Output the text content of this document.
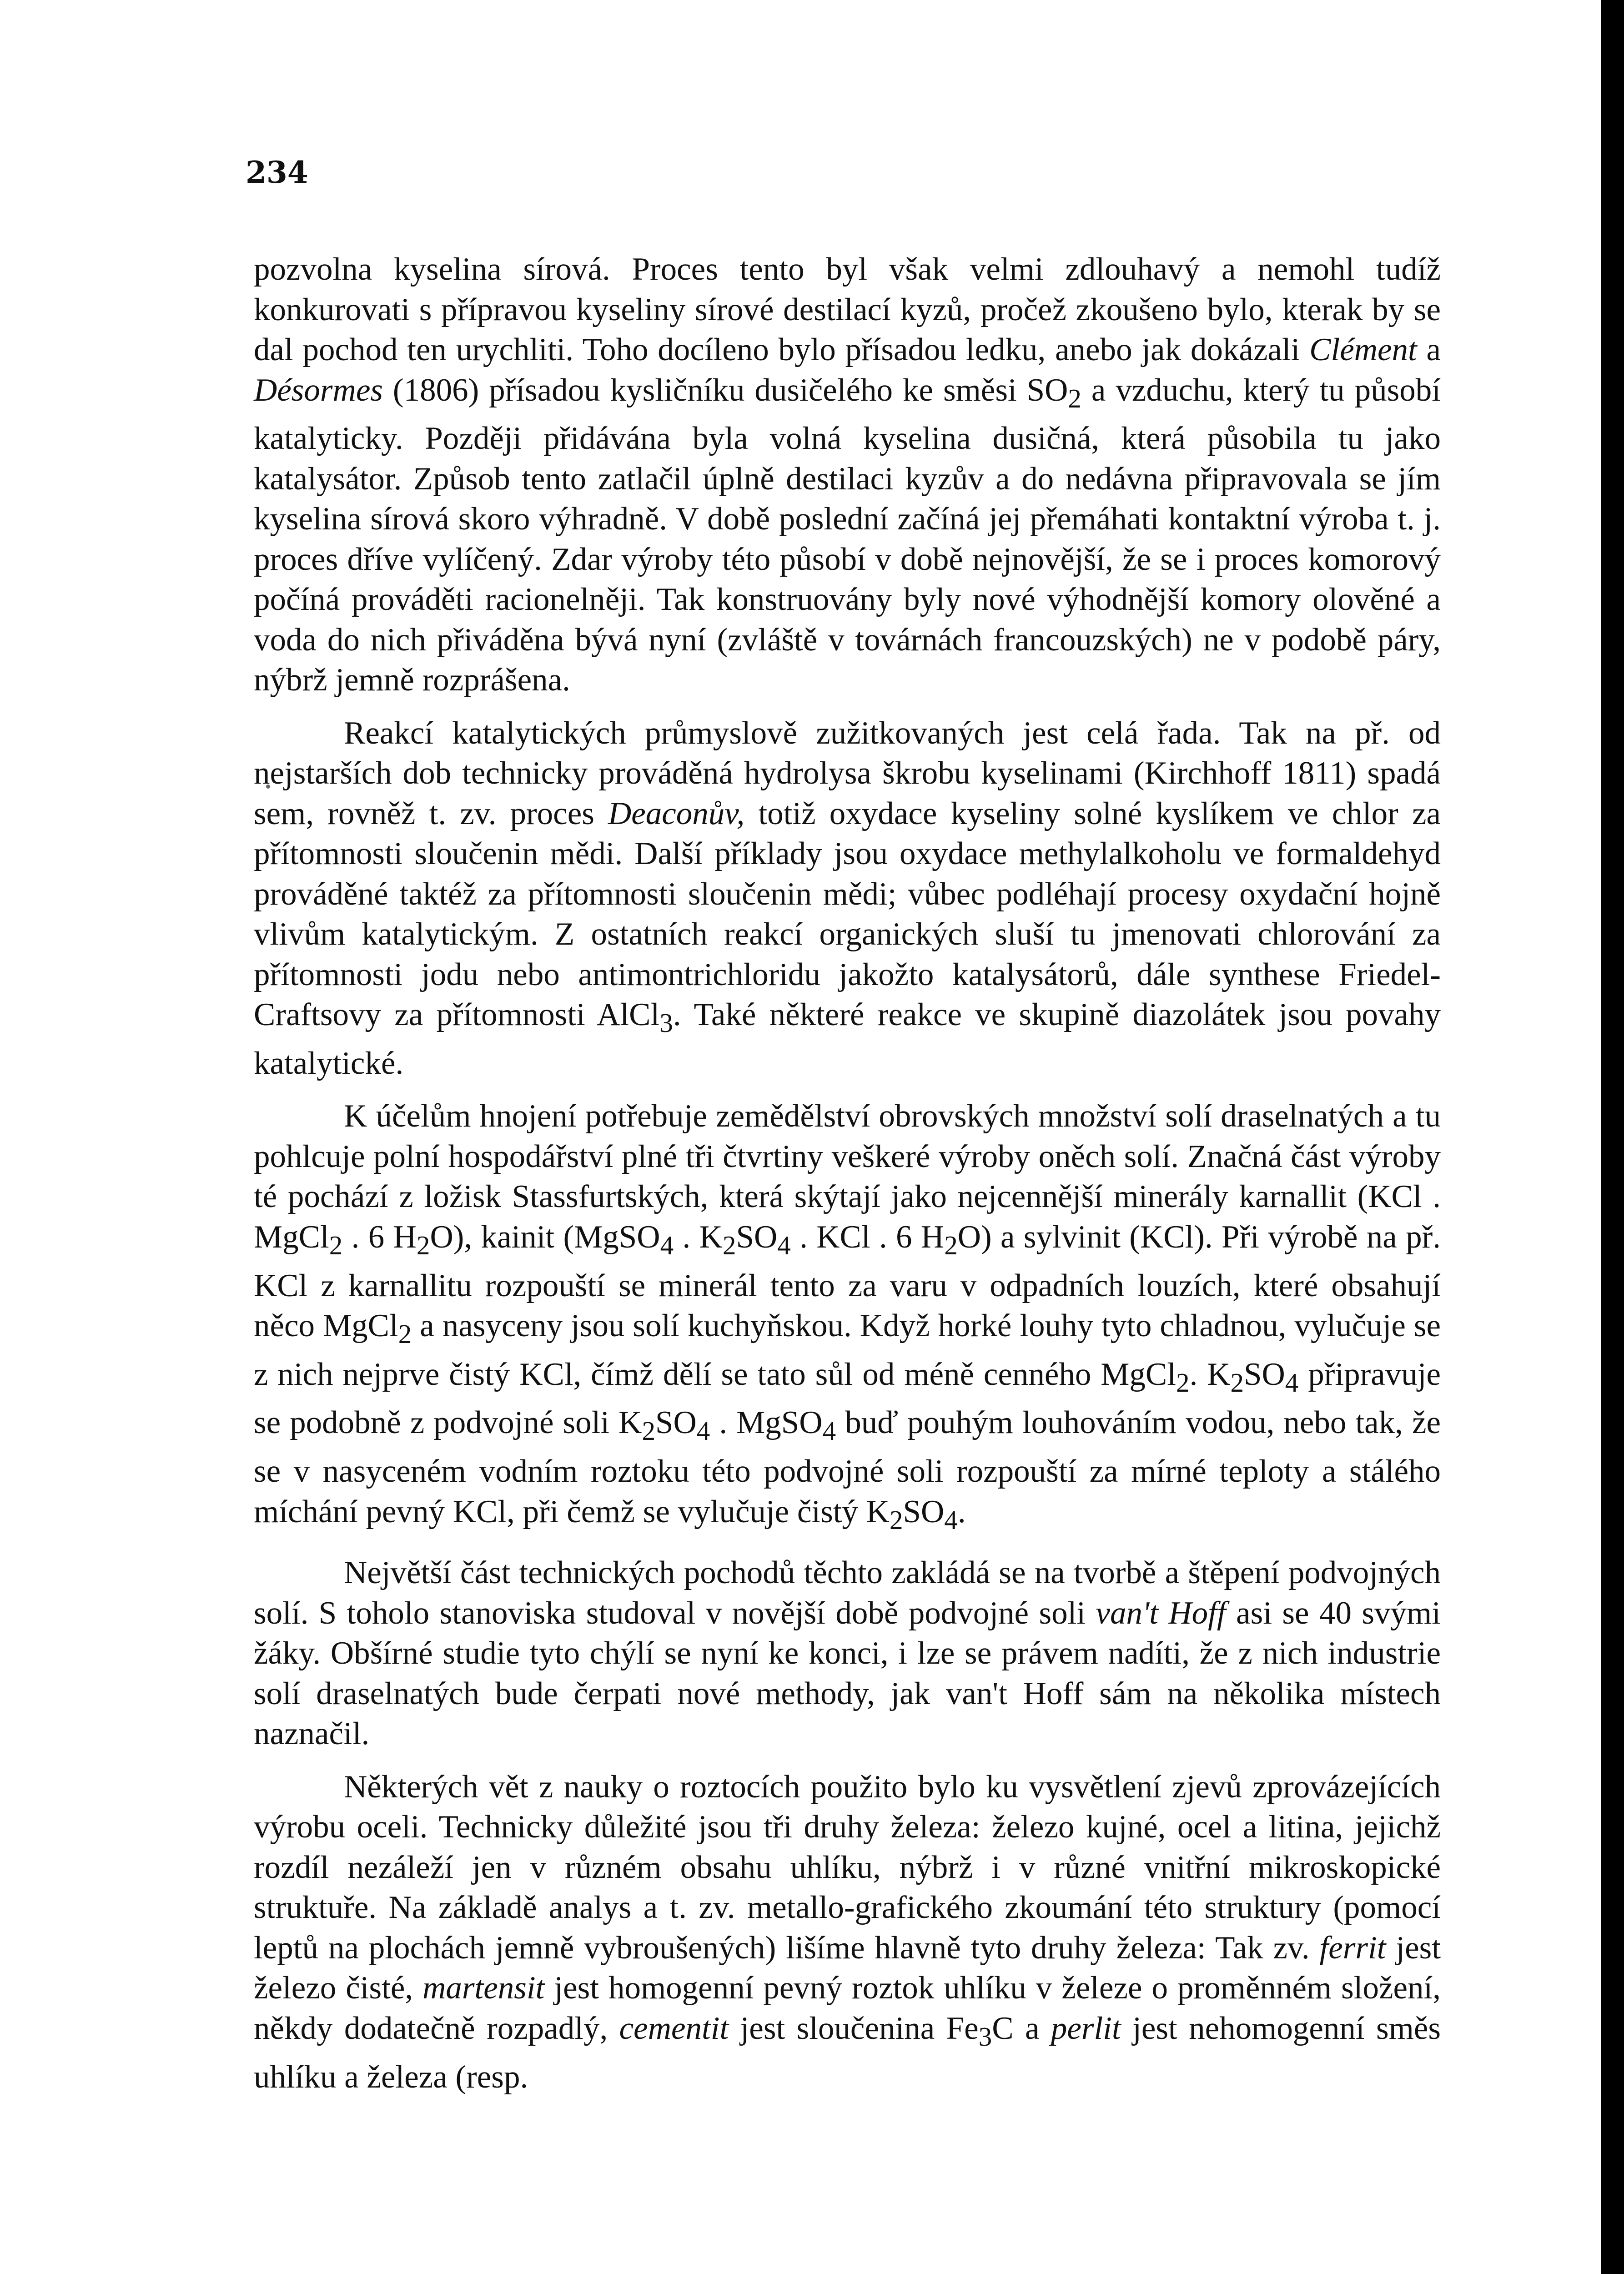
234

pozvolna kyselina sírová. Proces tento byl však velmi zdlouhavý a nemohl tudíž konkurovati s přípravou kyseliny sírové destilací kyzů, pročež zkoušeno bylo, kterak by se dal pochod ten urychliti. Toho docíleno bylo přísadou ledku, anebo jak dokázali Clément a Désormes (1806) přísadou kysličníku dusičelého ke směsi $SO_2$ a vzduchu, který tu působí katalyticky. Později přidávána byla volná kyselina dusičná, která působila tu jako katalysátor. Způsob tento zatlačil úplně destilaci kyzův a do nedávna připravovala se jím kyselina sírová skoro výhradně. V době poslední začíná jej přemáhati kontaktní výroba t. j. proces dříve vylíčený. Zdar výroby této působí v době nejnovější, že se i proces komorový počíná prováděti racionelněji. Tak konstruovány byly nové výhodnější komory olověné a voda do nich přiváděna bývá nyní (zvláště v továrnách francouzských) ne v podobě páry, nýbrž jemně rozprášena.

Reakcí katalytických průmyslově zužitkovaných jest celá řada. Tak na př. od nejstarších dob technicky prováděná hydrolysa škrobu kyselinami (Kirchhoff 1811) spadá sem, rovněž t. zv. proces Deaconův, totiž oxydace kyseliny solné kyslíkem ve chlor za přítomnosti sloučenin mědi. Další příklady jsou oxydace methylalkoholu ve formaldehyd prováděné taktéž za přítomnosti sloučenin mědi; vůbec podléhají procesy oxydační hojně vlivům katalytickým. Z ostatních reakcí organických sluší tu jmenovati chlorování za přítomnosti jodu nebo antimontrichloridu jakožto katalysátorů, dále synthese Friedel-Craftsovy za přítomnosti AlCl$_3$. Také některé reakce ve skupině diazolátek jsou povahy katalytické.

K účelům hnojení potřebuje zemědělství obrovských množství solí draselnatých a tu pohlcuje polní hospodářství plné tři čtvrtiny veškeré výroby oněch solí. Značná část výroby té pochází z ložisk Stassfurtských, která skýtají jako nejcennější minerály karnallit (KCl . MgCl$_2$ . 6 $H_2O$), kainit (MgSO$_4$ . $K_2SO_4$ . KCl . 6 $H_2O$) a sylvinit (KCl). Při výrobě na př. KCl z karnallitu rozpouští se minerál tento za varu v odpadních louzích, které obsahují něco MgCl$_2$ a nasyceny jsou solí kuchyňskou. Když horké louhy tyto chladnou, vylučuje se z nich nejprve čistý KCl, čímž dělí se tato sůl od méně cenného MgCl$_2$. $K_2SO_4$ připravuje se podobně z podvojné soli $K_2SO_4$ . MgSO$_4$ buď pouhým louhováním vodou, nebo tak, že se v nasyceném vodním roztoku této podvojné soli rozpouští za mírné teploty a stálého míchání pevný KCl, při čemž se vylučuje čistý $K_2SO_4$.

Největší část technických pochodů těchto zakládá se na tvorbě a štěpení podvojných solí. S toholo stanoviska studoval v novější době podvojné soli van't Hoff asi se 40 svými žáky. Obšírné studie tyto chýlí se nyní ke konci, i lze se právem nadíti, že z nich industrie solí draselnatých bude čerpati nové methody, jak van't Hoff sám na několika místech naznačil.

Některých vět z nauky o roztocích použito bylo ku vysvětlení zjevů zprovázejících výrobu oceli. Technicky důležité jsou tři druhy železa: železo kujné, ocel a litina, jejichž rozdíl nezáleží jen v různém obsahu uhlíku, nýbrž i v různé vnitřní mikroskopické struktuře. Na základě analys a t. zv. metallo-grafického zkoumání této struktury (pomocí leptů na plochách jemně vybroušených) lišíme hlavně tyto druhy železa: Tak zv. ferrit jest železo čisté, martensit jest homogenní pevný roztok uhlíku v železe o proměnném složení, někdy dodatečně rozpadlý, cementit jest sloučenina $Fe_3C$ a perlit jest nehomogenní směs uhlíku a železa (resp.
